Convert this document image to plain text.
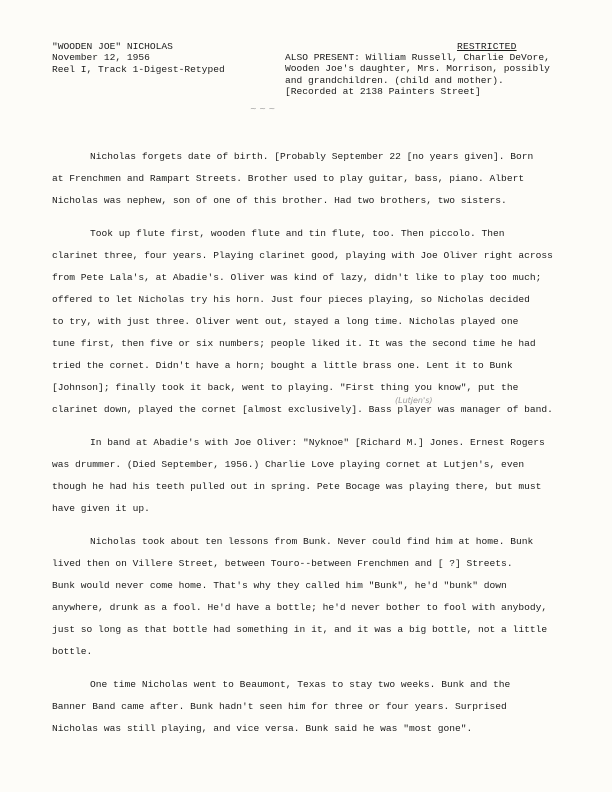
"WOODEN JOE" NICHOLAS
November 12, 1956
Reel I, Track 1-Digest-Retyped
RESTRICTED
ALSO PRESENT: William Russell, Charlie DeVore,
Wooden Joe's daughter, Mrs. Morrison, possibly
and grandchildren. (child and mother).
[Recorded at 2138 Painters Street]
~ ~ ~
(Lutjen's)

Nicholas forgets date of birth. [Probably September 22 [no years given]. Born
at Frenchmen and Rampart Streets. Brother used to play guitar, bass, piano. Albert
Nicholas was nephew, son of one of this brother. Had two brothers, two sisters.

Took up flute first, wooden flute and tin flute, too. Then piccolo. Then
clarinet three, four years. Playing clarinet good, playing with Joe Oliver right across
from Pete Lala's, at Abadie's. Oliver was kind of lazy, didn't like to play too much;
offered to let Nicholas try his horn. Just four pieces playing, so Nicholas decided
to try, with just three. Oliver went out, stayed a long time. Nicholas played one
tune first, then five or six numbers; people liked it. It was the second time he had
tried the cornet. Didn't have a horn; bought a little brass one. Lent it to Bunk
[Johnson]; finally took it back, went to playing. "First thing you know", put the
clarinet down, played the cornet [almost exclusively]. Bass player was manager of band.

In band at Abadie's with Joe Oliver: "Nyknoe" [Richard M.] Jones. Ernest Rogers
was drummer. (Died September, 1956.) Charlie Love playing cornet at Lutjen's, even
though he had his teeth pulled out in spring. Pete Bocage was playing there, but must
have given it up.

Nicholas took about ten lessons from Bunk. Never could find him at home. Bunk
lived then on Villere Street, between Touro--between Frenchmen and [ ?] Streets.
Bunk would never come home. That's why they called him "Bunk", he'd "bunk" down
anywhere, drunk as a fool. He'd have a bottle; he'd never bother to fool with anybody,
just so long as that bottle had something in it, and it was a big bottle, not a little
bottle.

One time Nicholas went to Beaumont, Texas to stay two weeks. Bunk and the
Banner Band came after. Bunk hadn't seen him for three or four years. Surprised
Nicholas was still playing, and vice versa. Bunk said he was "most gone".
